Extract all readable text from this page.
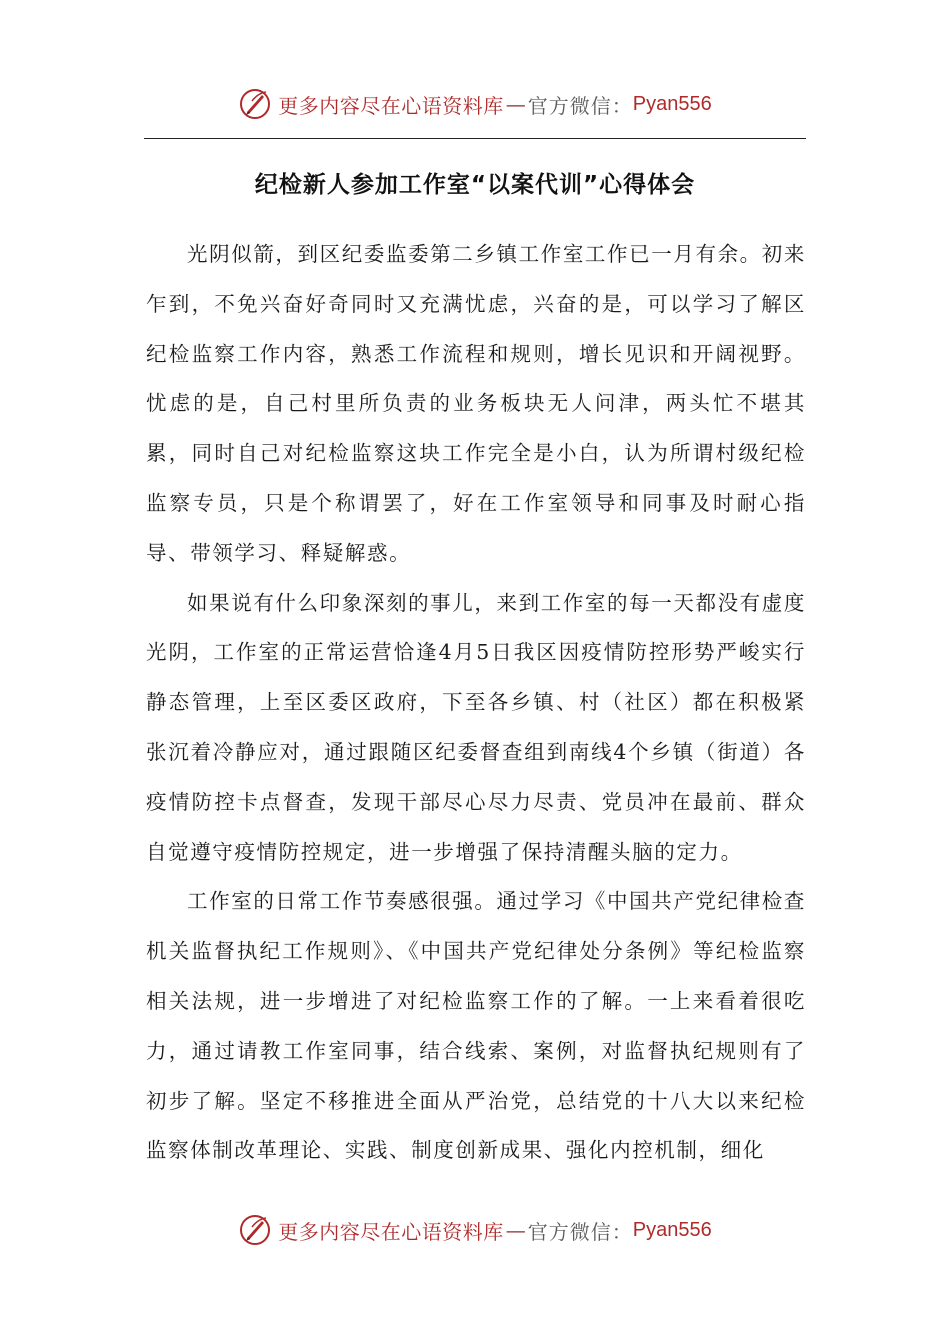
更多内容尽在心语资料库 — 官方微信： Pyan556
纪检新人参加工作室“以案代训”心得体会

光阴似箭，到区纪委监委第二乡镇工作室工作已一月有余。初来乍到，不免兴奋好奇同时又充满忧虑，兴奋的是，可以学习了解区纪检监察工作内容，熟悉工作流程和规则，增长见识和开阔视野。忧虑的是，自己村里所负责的业务板块无人问津，两头忙不堪其累，同时自己对纪检监察这块工作完全是小白，认为所谓村级纪检监察专员，只是个称谓罢了，好在工作室领导和同事及时耐心指导、带领学习、释疑解惑。

如果说有什么印象深刻的事儿，来到工作室的每一天都没有虚度光阴，工作室的正常运营恰逢4月5日我区因疫情防控形势严峻实行静态管理，上至区委区政府，下至各乡镇、村（社区）都在积极紧张沉着冷静应对，通过跟随区纪委督查组到南线4个乡镇（街道）各疫情防控卡点督查，发现干部尽心尽力尽责、党员冲在最前、群众自觉遵守疫情防控规定，进一步增强了保持清醒头脑的定力。

工作室的日常工作节奏感很强。通过学习《中国共产党纪律检查机关监督执纪工作规则》、《中国共产党纪律处分条例》等纪检监察相关法规，进一步增进了对纪检监察工作的了解。一上来看着很吃力，通过请教工作室同事，结合线索、案例，对监督执纪规则有了初步了解。坚定不移推进全面从严治党，总结党的十八大以来纪检监察体制改革理论、实践、制度创新成果、强化内控机制，细化

更多内容尽在心语资料库 — 官方微信： Pyan556
